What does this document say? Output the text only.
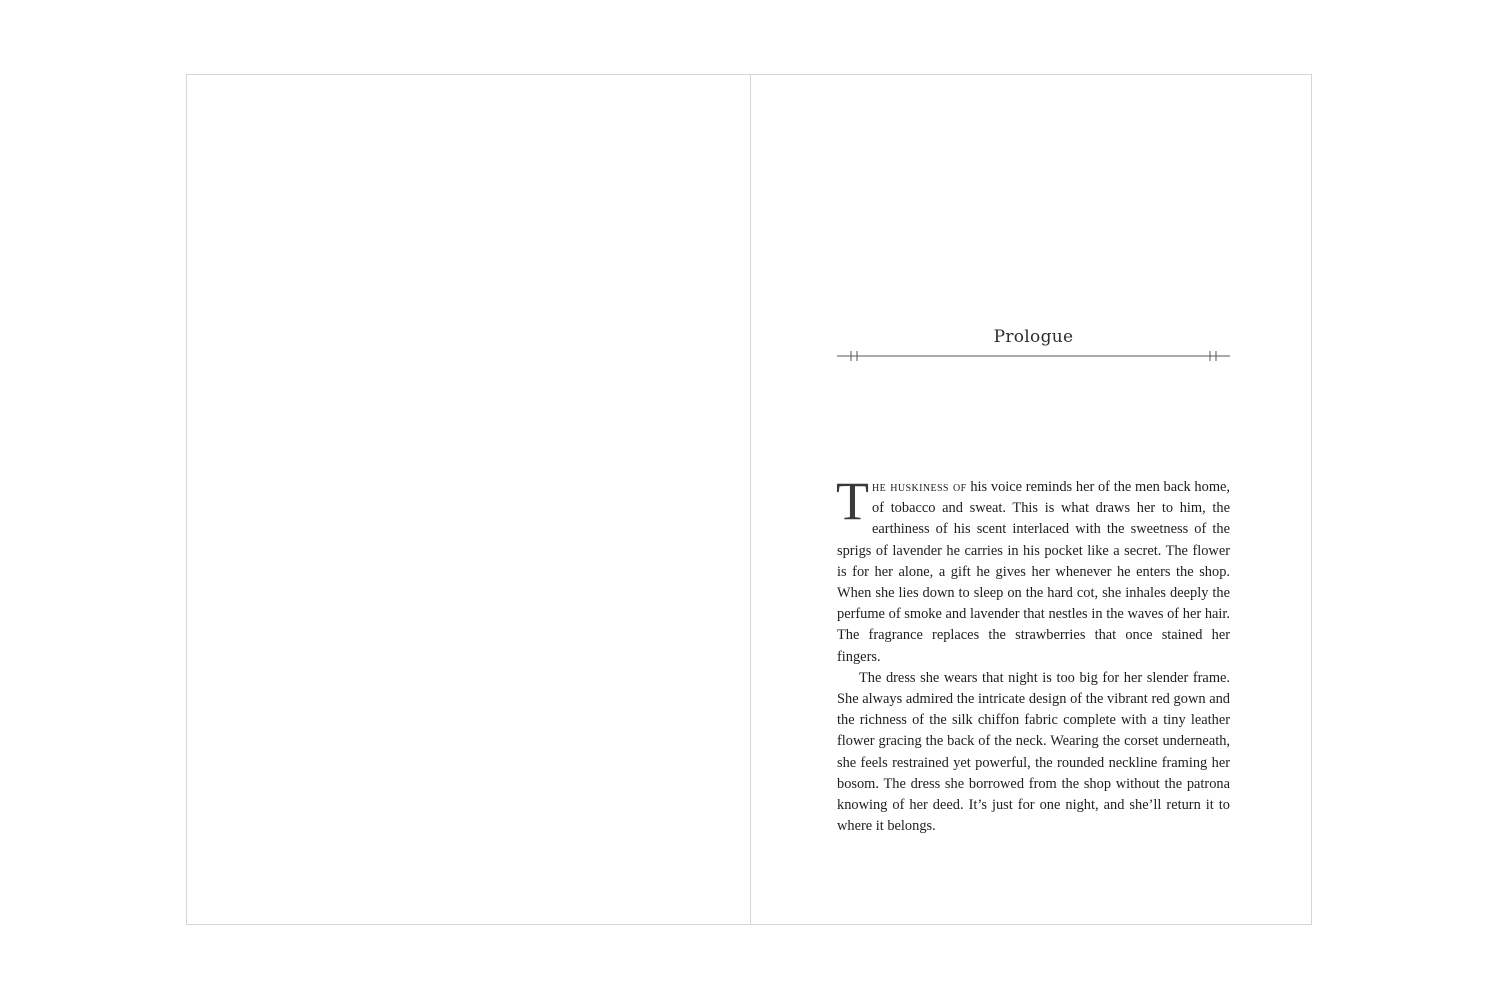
Prologue

The huskiness of his voice reminds her of the men back home, of tobacco and sweat. This is what draws her to him, the earthiness of his scent interlaced with the sweetness of the sprigs of lavender he carries in his pocket like a secret. The flower is for her alone, a gift he gives her whenever he enters the shop. When she lies down to sleep on the hard cot, she inhales deeply the perfume of smoke and lavender that nestles in the waves of her hair. The fragrance replaces the strawberries that once stained her fingers.

The dress she wears that night is too big for her slender frame. She always admired the intricate design of the vibrant red gown and the richness of the silk chiffon fabric complete with a tiny leather flower gracing the back of the neck. Wearing the corset underneath, she feels restrained yet powerful, the rounded neckline framing her bosom. The dress she borrowed from the shop without the patrona knowing of her deed. It’s just for one night, and she’ll return it to where it belongs.
